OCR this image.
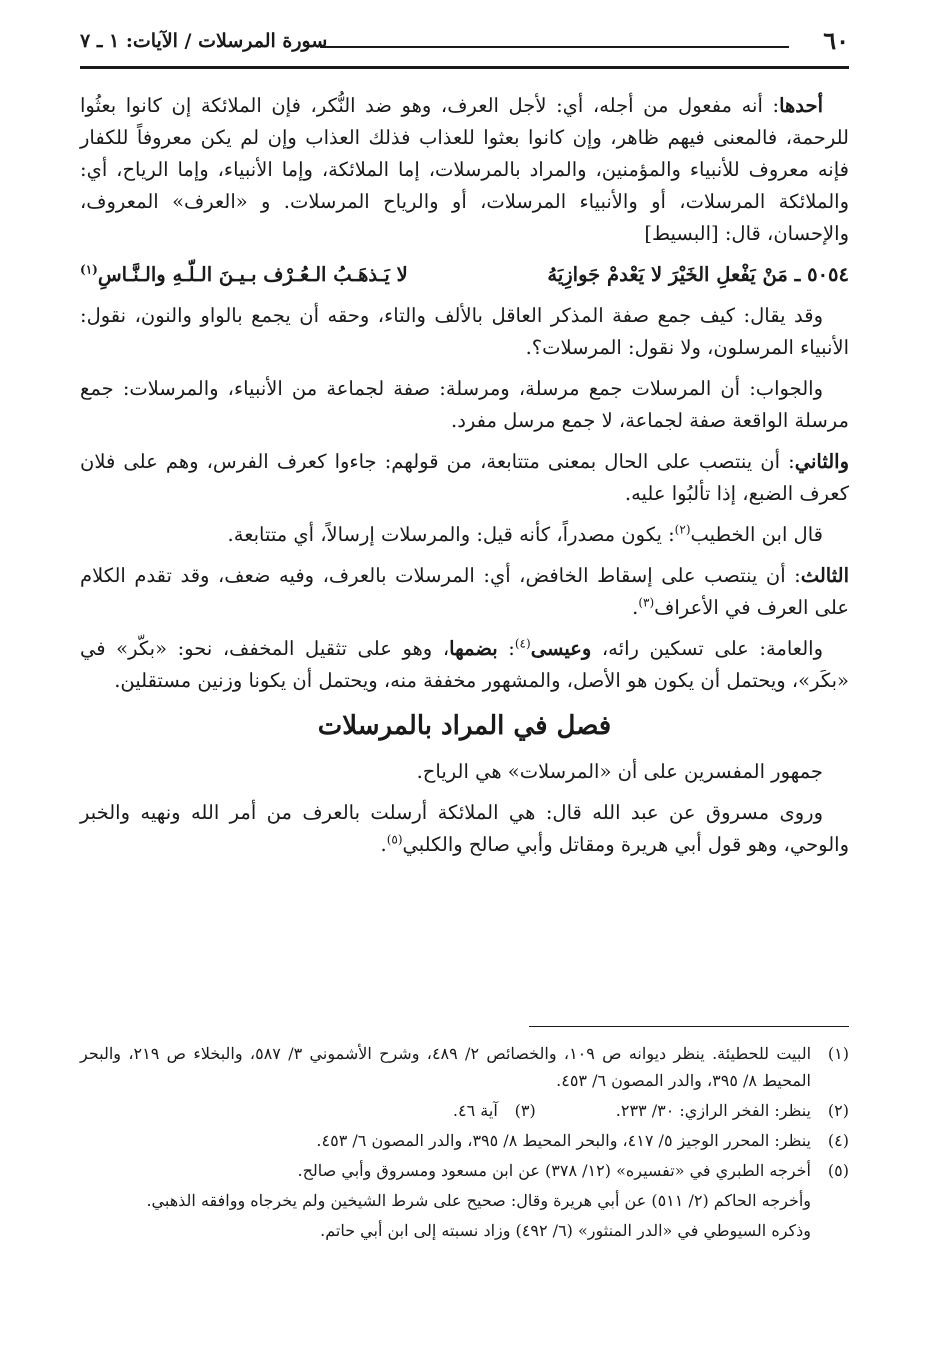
٦٠
سورة المرسلات / الآيات: ١ ـ ٧

أحدها: أنه مفعول من أجله، أي: لأجل العرف، وهو ضد النُّكر، فإن الملائكة إن كانوا بعثُوا للرحمة، فالمعنى فيهم ظاهر، وإن كانوا بعثوا للعذاب فذلك العذاب وإن لم يكن معروفاً للكفار فإنه معروف للأنبياء والمؤمنين، والمراد بالمرسلات، إما الملائكة، وإما الأنبياء، وإما الرياح، أي: والملائكة المرسلات، أو والأنبياء المرسلات، أو والرياح المرسلات. و «العرف» المعروف، والإحسان، قال: [البسيط]

٥٠٥٤ ـ مَنْ يَفْعلِ الخَيْرَ لا يَعْدمْ جَوازِيَهُ
لا يَـذهَـبُ الـعُـرْف بـيـنَ الـلّـهِ والـنَّـاسِ$^{(١)}$

وقد يقال: كيف جمع صفة المذكر العاقل بالألف والتاء، وحقه أن يجمع بالواو والنون، نقول: الأنبياء المرسلون، ولا نقول: المرسلات؟.

والجواب: أن المرسلات جمع مرسلة، ومرسلة: صفة لجماعة من الأنبياء، والمرسلات: جمع مرسلة الواقعة صفة لجماعة، لا جمع مرسل مفرد.

والثاني: أن ينتصب على الحال بمعنى متتابعة، من قولهم: جاءوا كعرف الفرس، وهم على فلان كعرف الضبع، إذا تألبُوا عليه.

قال ابن الخطيب$^{(٢)}$: يكون مصدراً، كأنه قيل: والمرسلات إرسالاً، أي متتابعة.

الثالث: أن ينتصب على إسقاط الخافض، أي: المرسلات بالعرف، وفيه ضعف، وقد تقدم الكلام على العرف في الأعراف$^{(٣)}$.

والعامة: على تسكين رائه، وعيسى$^{(٤)}$: بضمها، وهو على تثقيل المخفف، نحو: «بكّر» في «بكَر»، ويحتمل أن يكون هو الأصل، والمشهور مخففة منه، ويحتمل أن يكونا وزنين مستقلين.

فصل في المراد بالمرسلات

جمهور المفسرين على أن «المرسلات» هي الرياح.

وروى مسروق عن عبد الله قال: هي الملائكة أرسلت بالعرف من أمر الله ونهيه والخبر والوحي، وهو قول أبي هريرة ومقاتل وأبي صالح والكلبي$^{(٥)}$.

(١)
البيت للحطيئة. ينظر ديوانه ص ١٠٩، والخصائص ٢/ ٤٨٩، وشرح الأشموني ٣/ ٥٨٧، والبخلاء ص ٢١٩، والبحر المحيط ٨/ ٣٩٥، والدر المصون ٦/ ٤٥٣.
(٢)
ينظر: الفخر الرازي: ٣٠/ ٢٣٣.
(٣)
آية ٤٦.
(٤)
ينظر: المحرر الوجيز ٥/ ٤١٧، والبحر المحيط ٨/ ٣٩٥، والدر المصون ٦/ ٤٥٣.
(٥)
أخرجه الطبري في «تفسيره» (١٢/ ٣٧٨) عن ابن مسعود ومسروق وأبي صالح.
وأخرجه الحاكم (٢/ ٥١١) عن أبي هريرة وقال: صحيح على شرط الشيخين ولم يخرجاه ووافقه الذهبي.
وذكره السيوطي في «الدر المنثور» (٦/ ٤٩٢) وزاد نسبته إلى ابن أبي حاتم.
